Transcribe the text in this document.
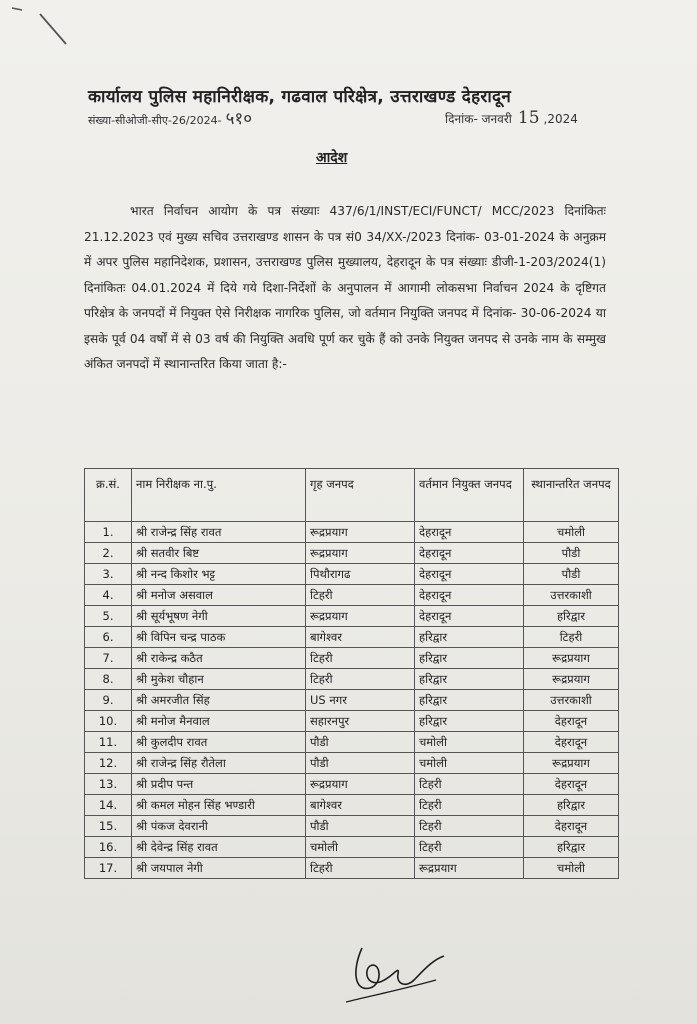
कार्यालय पुलिस महानिरीक्षक, गढवाल परिक्षेत्र, उत्तराखण्ड देहरादून
संख्या-सीओजी-सीए-26/2024- ५१०	दिनांक- जनवरी 15 ,2024
आदेश

भारत निर्वाचन आयोग के पत्र संख्याः 437/6/1/INST/ECI/FUNCT/ MCC/2023 दिनांकितः 21.12.2023 एवं मुख्य सचिव उत्तराखण्ड शासन के पत्र सं0 34/XX-/2023 दिनांक- 03-01-2024 के अनुक्रम में अपर पुलिस महानिदेशक, प्रशासन, उत्तराखण्ड पुलिस मुख्यालय, देहरादून के पत्र संख्याः डीजी-1-203/2024(1) दिनांकितः 04.01.2024 में दिये गये दिशा-निर्देशों के अनुपालन में आगामी लोकसभा निर्वाचन 2024 के दृष्टिगत परिक्षेत्र के जनपदों में नियुक्त ऐसे निरीक्षक नागरिक पुलिस, जो वर्तमान नियुक्ति जनपद में दिनांक- 30-06-2024 या इसके पूर्व 04 वर्षों में से 03 वर्ष की नियुक्ति अवधि पूर्ण कर चुके हैं को उनके नियुक्त जनपद से उनके नाम के सम्मुख अंकित जनपदों में स्थानान्तरित किया जाता है:-

क्र.सं.	नाम निरीक्षक ना.पु.	गृह जनपद	वर्तमान नियुक्त जनपद	स्थानान्तरित जनपद
1.	श्री राजेन्द्र सिंह रावत	रूद्रप्रयाग	देहरादून	चमोली
2.	श्री सतवीर बिष्ट	रूद्रप्रयाग	देहरादून	पौडी
3.	श्री नन्द किशोर भट्ट	पिथौरागढ	देहरादून	पौडी
4.	श्री मनोज असवाल	टिहरी	देहरादून	उत्तरकाशी
5.	श्री सूर्यभूषण नेगी	रूद्रप्रयाग	देहरादून	हरिद्वार
6.	श्री विपिन चन्द्र पाठक	बागेश्वर	हरिद्वार	टिहरी
7.	श्री राकेन्द्र कठैत	टिहरी	हरिद्वार	रूद्रप्रयाग
8.	श्री मुकेश चौहान	टिहरी	हरिद्वार	रूद्रप्रयाग
9.	श्री अमरजीत सिंह	US नगर	हरिद्वार	उत्तरकाशी
10.	श्री मनोज मैनवाल	सहारनपुर	हरिद्वार	देहरादून
11.	श्री कुलदीप रावत	पौडी	चमोली	देहरादून
12.	श्री राजेन्द्र सिंह रौतेला	पौडी	चमोली	रूद्रप्रयाग
13.	श्री प्रदीप पन्त	रूद्रप्रयाग	टिहरी	देहरादून
14.	श्री कमल मोहन सिंह भण्डारी	बागेश्वर	टिहरी	हरिद्वार
15.	श्री पंकज देवरानी	पौडी	टिहरी	देहरादून
16.	श्री देवेन्द्र सिंह रावत	चमोली	टिहरी	हरिद्वार
17.	श्री जयपाल नेगी	टिहरी	रूद्रप्रयाग	चमोली
